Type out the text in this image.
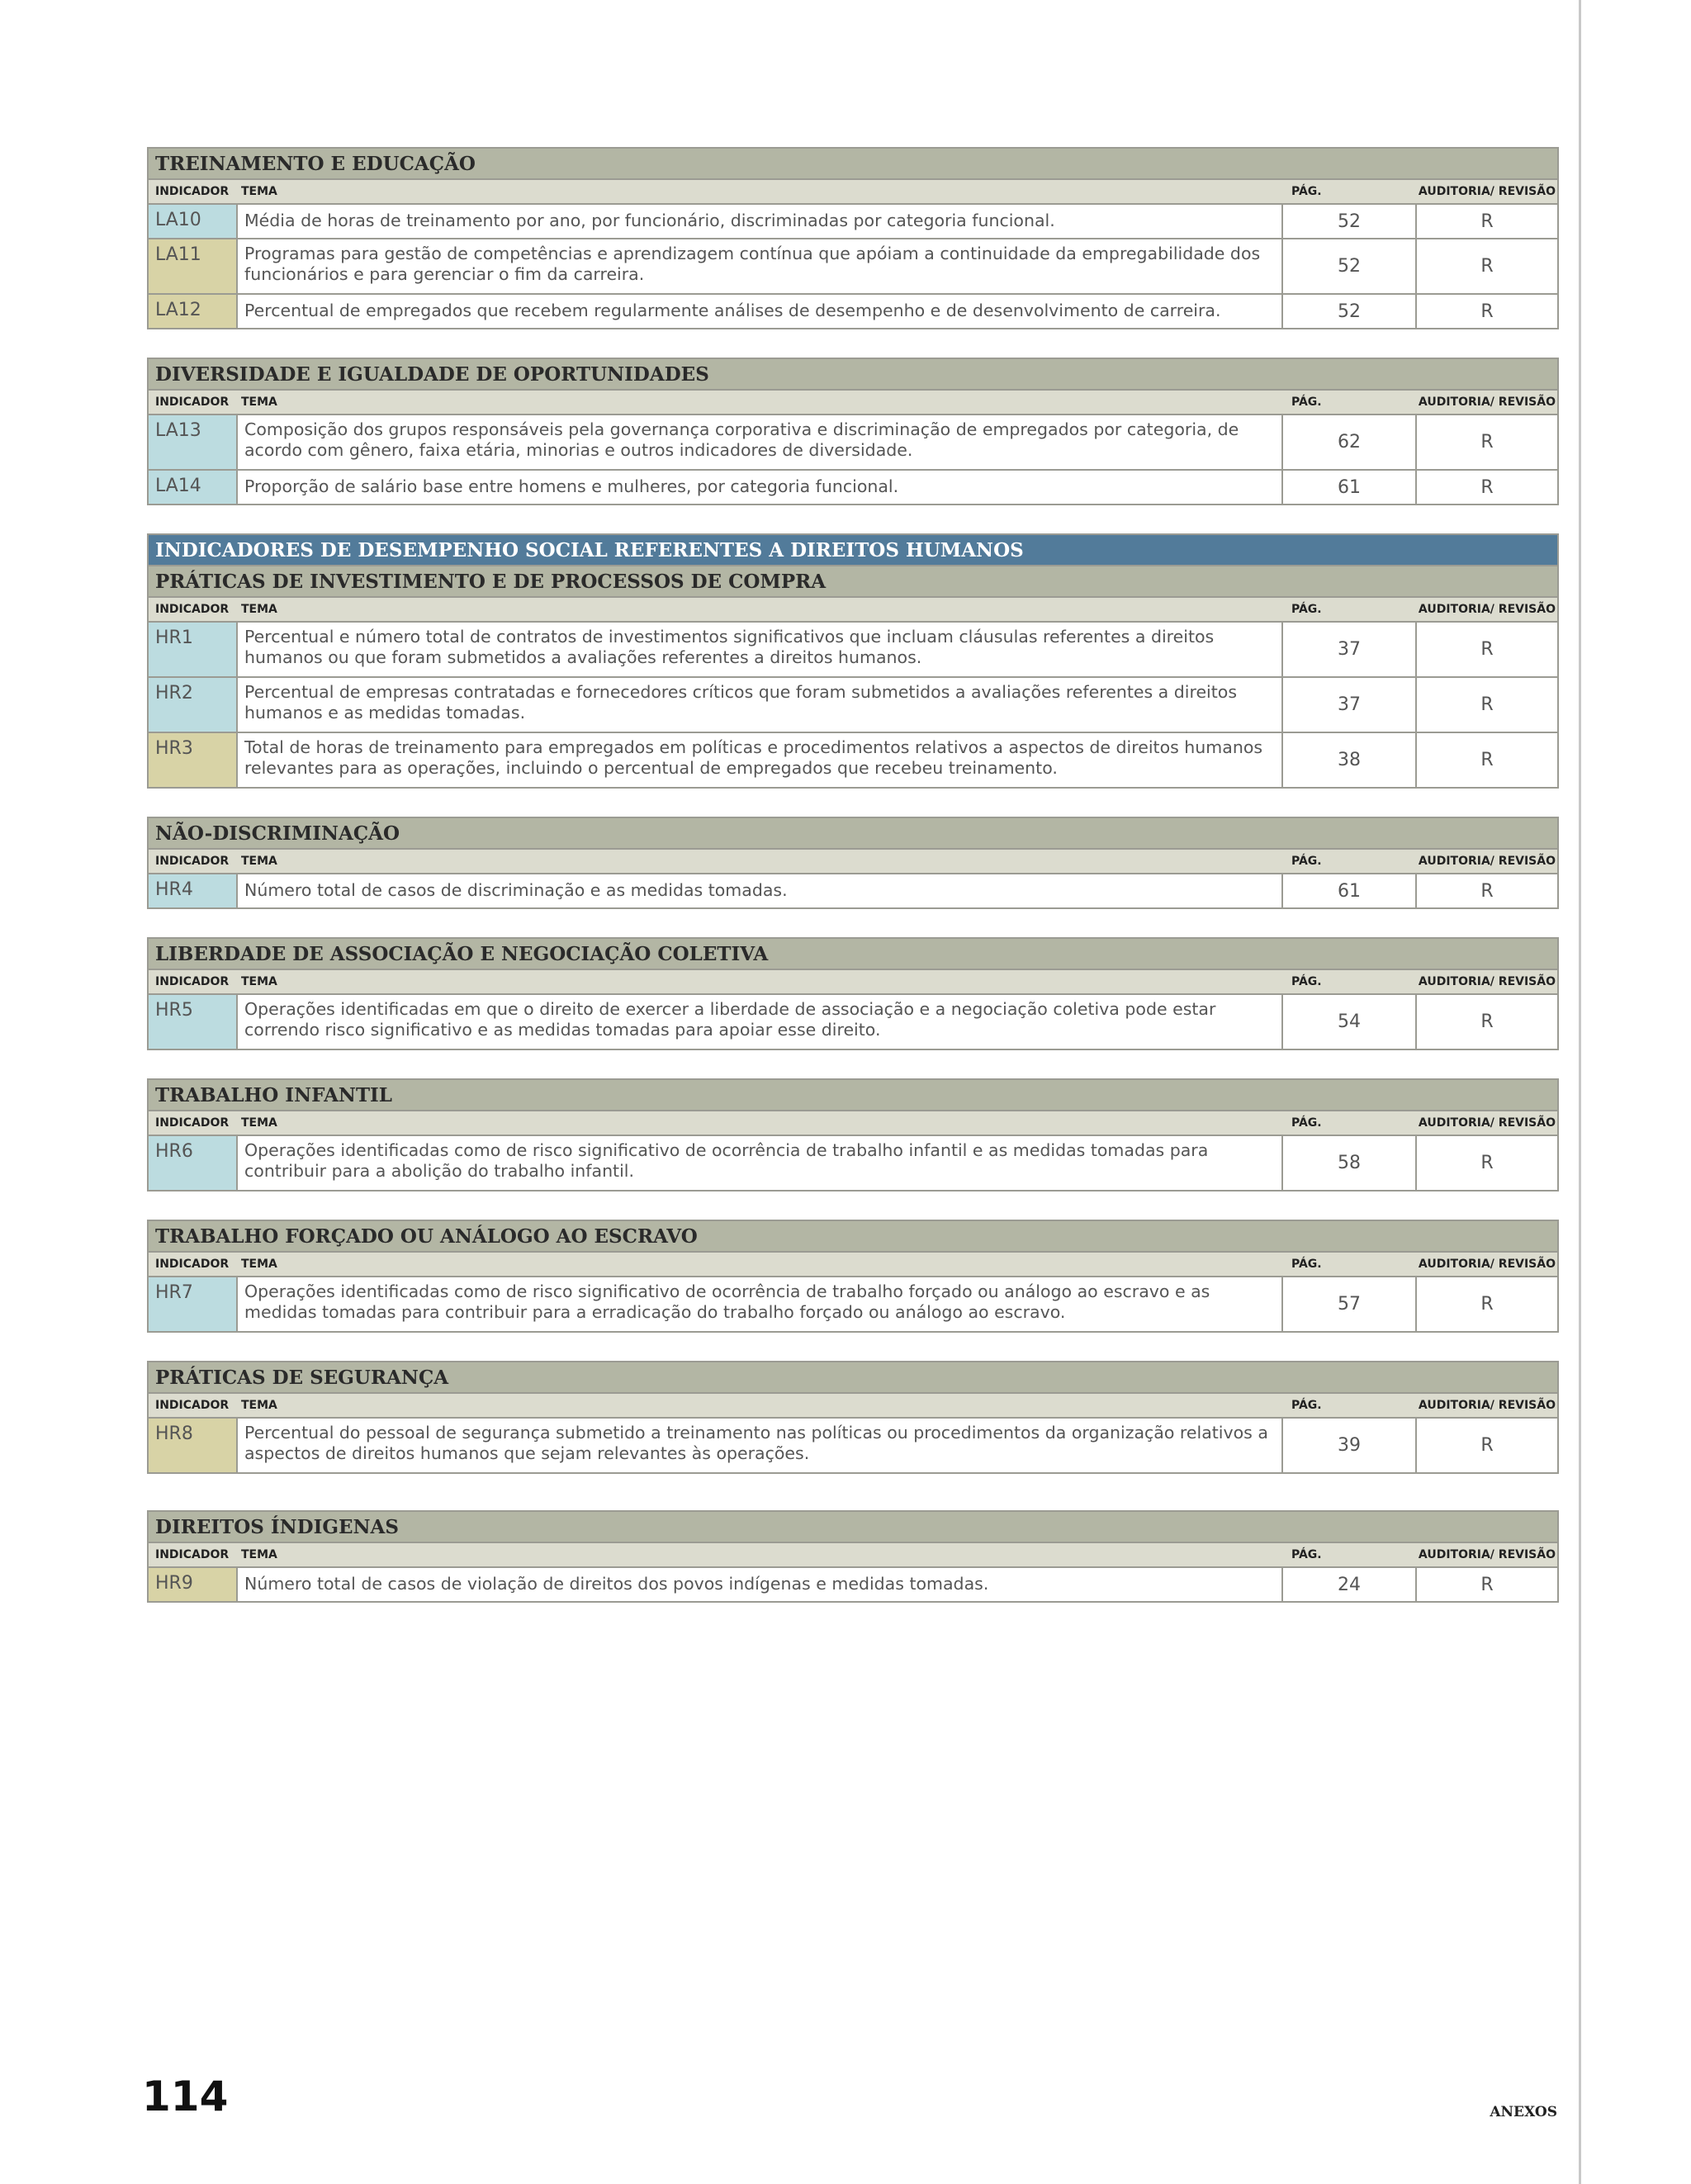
TREINAMENTO E EDUCAÇÃO
INDICADOR	TEMA	PÁG.	AUDITORIA/ REVISÃO
LA10	Média de horas de treinamento por ano, por funcionário, discriminadas por categoria funcional.	52	R
LA11	Programas para gestão de competências e aprendizagem contínua que apóiam a continuidade da empregabilidade dos funcionários e para gerenciar o fim da carreira.	52	R
LA12	Percentual de empregados que recebem regularmente análises de desempenho e de desenvolvimento de carreira.	52	R
DIVERSIDADE E IGUALDADE DE OPORTUNIDADES
INDICADOR	TEMA	PÁG.	AUDITORIA/ REVISÃO
LA13	Composição dos grupos responsáveis pela governança corporativa e discriminação de empregados por categoria, de acordo com gênero, faixa etária, minorias e outros indicadores de diversidade.	62	R
LA14	Proporção de salário base entre homens e mulheres, por categoria funcional.	61	R
INDICADORES DE DESEMPENHO SOCIAL REFERENTES A DIREITOS HUMANOS
PRÁTICAS DE INVESTIMENTO E DE PROCESSOS DE COMPRA
INDICADOR	TEMA	PÁG.	AUDITORIA/ REVISÃO
HR1	Percentual e número total de contratos de investimentos significativos que incluam cláusulas referentes a direitos humanos ou que foram submetidos a avaliações referentes a direitos humanos.	37	R
HR2	Percentual de empresas contratadas e fornecedores críticos que foram submetidos a avaliações referentes a direitos humanos e as medidas tomadas.	37	R
HR3	Total de horas de treinamento para empregados em políticas e procedimentos relativos a aspectos de direitos humanos relevantes para as operações, incluindo o percentual de empregados que recebeu treinamento.	38	R
NÃO-DISCRIMINAÇÃO
INDICADOR	TEMA	PÁG.	AUDITORIA/ REVISÃO
HR4	Número total de casos de discriminação e as medidas tomadas.	61	R
LIBERDADE DE ASSOCIAÇÃO E NEGOCIAÇÃO COLETIVA
INDICADOR	TEMA	PÁG.	AUDITORIA/ REVISÃO
HR5	Operações identificadas em que o direito de exercer a liberdade de associação e a negociação coletiva pode estar correndo risco significativo e as medidas tomadas para apoiar esse direito.	54	R
TRABALHO INFANTIL
INDICADOR	TEMA	PÁG.	AUDITORIA/ REVISÃO
HR6	Operações identificadas como de risco significativo de ocorrência de trabalho infantil e as medidas tomadas para contribuir para a abolição do trabalho infantil.	58	R
TRABALHO FORÇADO OU ANÁLOGO AO ESCRAVO
INDICADOR	TEMA	PÁG.	AUDITORIA/ REVISÃO
HR7	Operações identificadas como de risco significativo de ocorrência de trabalho forçado ou análogo ao escravo e as medidas tomadas para contribuir para a erradicação do trabalho forçado ou análogo ao escravo.	57	R
PRÁTICAS DE SEGURANÇA
INDICADOR	TEMA	PÁG.	AUDITORIA/ REVISÃO
HR8	Percentual do pessoal de segurança submetido a treinamento nas políticas ou procedimentos da organização relativos a aspectos de direitos humanos que sejam relevantes às operações.	39	R
DIREITOS ÍNDIGENAS
INDICADOR	TEMA	PÁG.	AUDITORIA/ REVISÃO
HR9	Número total de casos de violação de direitos dos povos indígenas e medidas tomadas.	24	R
114	ANEXOS
